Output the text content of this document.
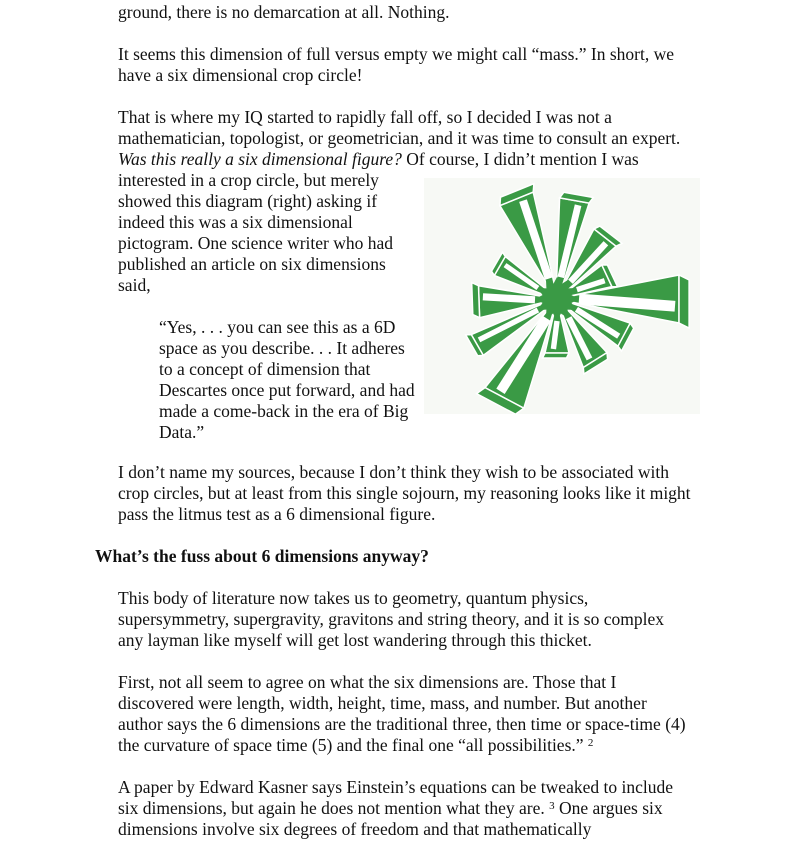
ground, there is no demarcation at all. Nothing.

It seems this dimension of full versus empty we might call “mass.” In short, we have a six dimensional crop circle!

That is where my IQ started to rapidly fall off, so I decided I was not a mathematician, topologist, or geometrician, and it was time to consult an expert. Was this really a six dimensional figure? Of course, I didn’t mention I was

interested in a crop circle, but merely showed this diagram (right) asking if indeed this was a six dimensional pictogram. One science writer who had published an article on six dimensions said,

“Yes, . . . you can see this as a 6D space as you describe. . . It adheres to a concept of dimension that Descartes once put forward, and had made a come-back in the era of Big Data.”

I don’t name my sources, because I don’t think they wish to be associated with crop circles, but at least from this single sojourn, my reasoning looks like it might pass the litmus test as a 6 dimensional figure.

What’s the fuss about 6 dimensions anyway?

This body of literature now takes us to geometry, quantum physics, supersymmetry, supergravity, gravitons and string theory, and it is so complex any layman like myself will get lost wandering through this thicket.

First, not all seem to agree on what the six dimensions are. Those that I discovered were length, width, height, time, mass, and number. But another author says the 6 dimensions are the traditional three, then time or space-time (4) the curvature of space time (5) and the final one “all possibilities.” $^2$

A paper by Edward Kasner says Einstein’s equations can be tweaked to include six dimensions, but again he does not mention what they are. $^3$ One argues six dimensions involve six degrees of freedom and that mathematically
